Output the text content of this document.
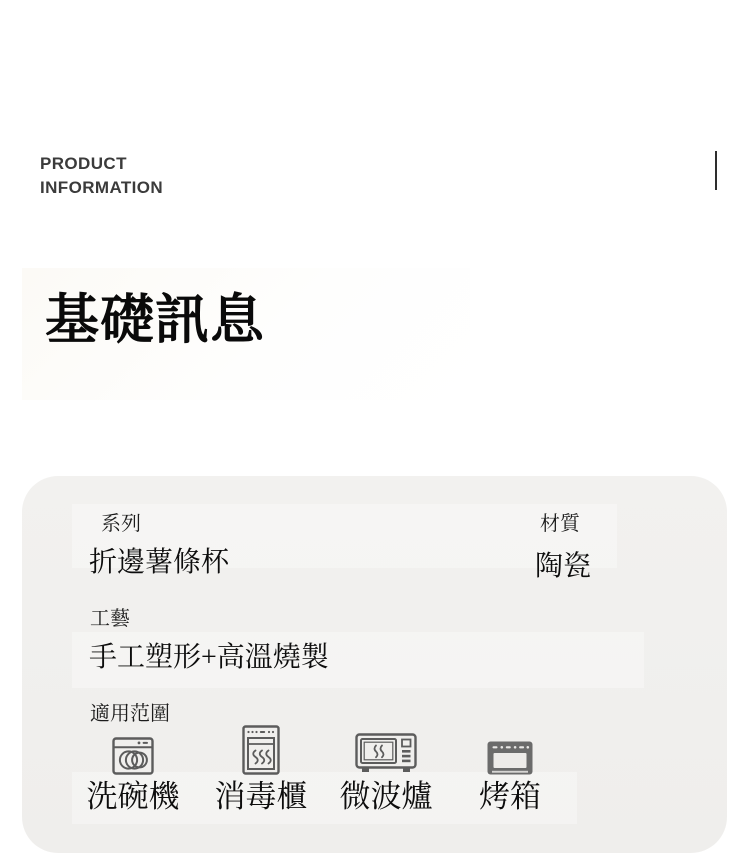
PRODUCT
INFORMATION
基礎訊息
系列
折邊薯條杯
材質
陶瓷
工藝
手工塑形+高溫燒製
適用范圍
洗碗機 消毒櫃 微波爐 烤箱
